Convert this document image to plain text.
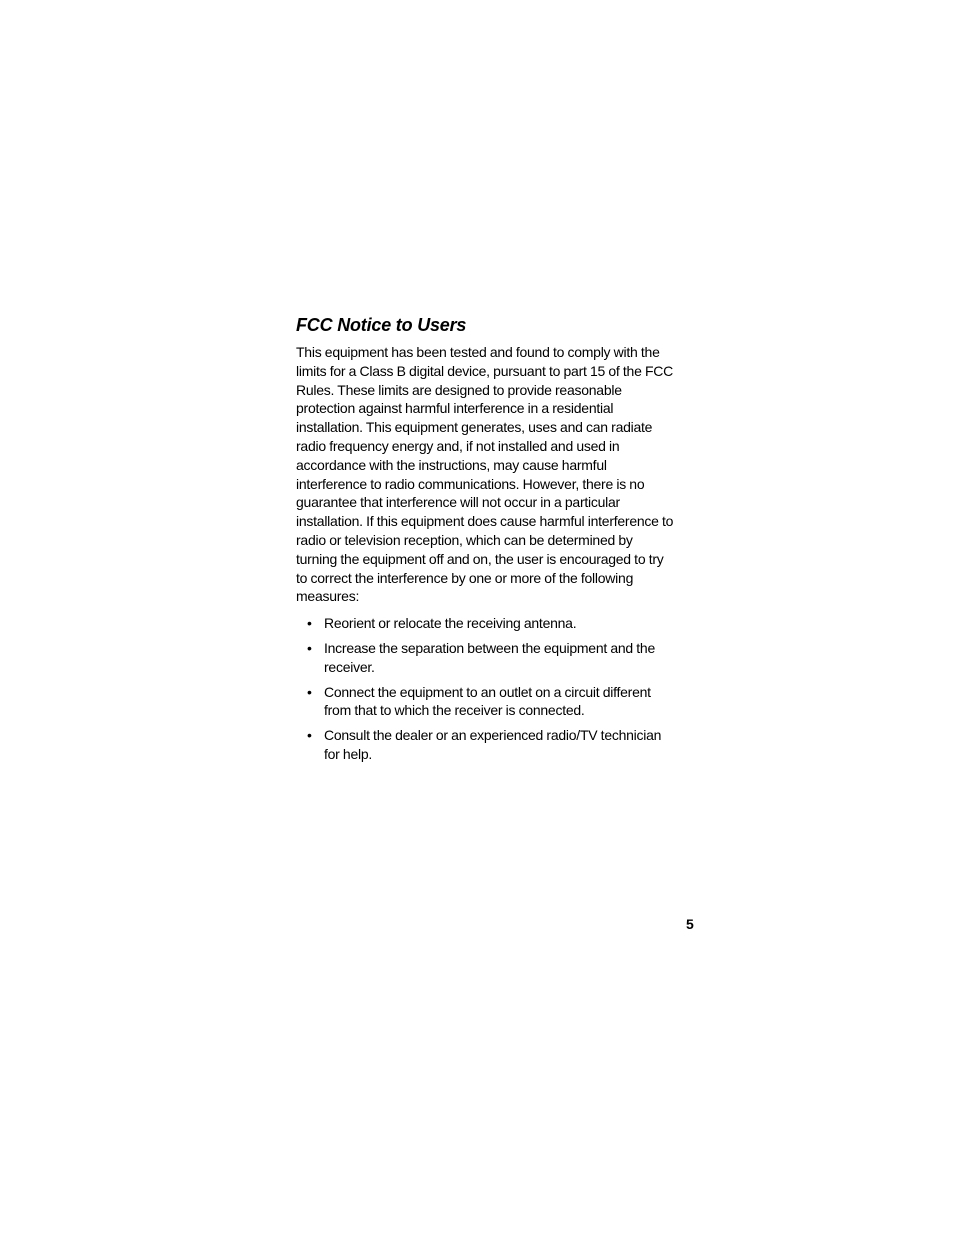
FCC Notice to Users

This equipment has been tested and found to comply with the limits for a Class B digital device, pursuant to part 15 of the FCC Rules. These limits are designed to provide reasonable protection against harmful interference in a residential installation. This equipment generates, uses and can radiate radio frequency energy and, if not installed and used in accordance with the instructions, may cause harmful interference to radio communications. However, there is no guarantee that interference will not occur in a particular installation. If this equipment does cause harmful interference to radio or television reception, which can be determined by turning the equipment off and on, the user is encouraged to try to correct the interference by one or more of the following measures:

• Reorient or relocate the receiving antenna.
• Increase the separation between the equipment and the receiver.
• Connect the equipment to an outlet on a circuit different from that to which the receiver is connected.
• Consult the dealer or an experienced radio/TV technician for help.
5
